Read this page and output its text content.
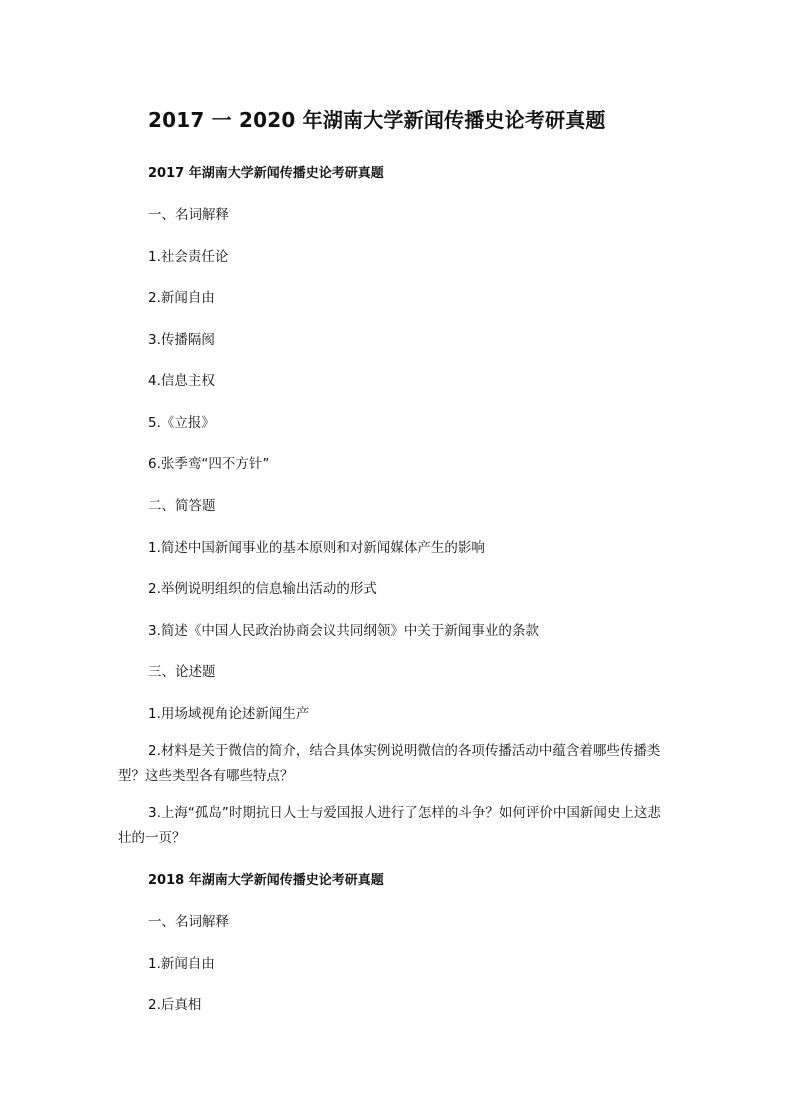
2017 一 2020 年湖南大学新闻传播史论考研真题
2017 年湖南大学新闻传播史论考研真题
一、名词解释
1.社会责任论
2.新闻自由
3.传播隔阂
4.信息主权
5.《立报》
6.张季鸾“四不方针”
二、简答题
1.简述中国新闻事业的基本原则和对新闻媒体产生的影响
2.举例说明组织的信息输出活动的形式
3.简述《中国人民政治协商会议共同纲领》中关于新闻事业的条款
三、论述题
1.用场域视角论述新闻生产
2.材料是关于微信的简介，结合具体实例说明微信的各项传播活动中蕴含着哪些传播类型？这些类型各有哪些特点？
3.上海“孤岛”时期抗日人士与爱国报人进行了怎样的斗争？如何评价中国新闻史上这悲壮的一页？
2018 年湖南大学新闻传播史论考研真题
一、名词解释
1.新闻自由
2.后真相
